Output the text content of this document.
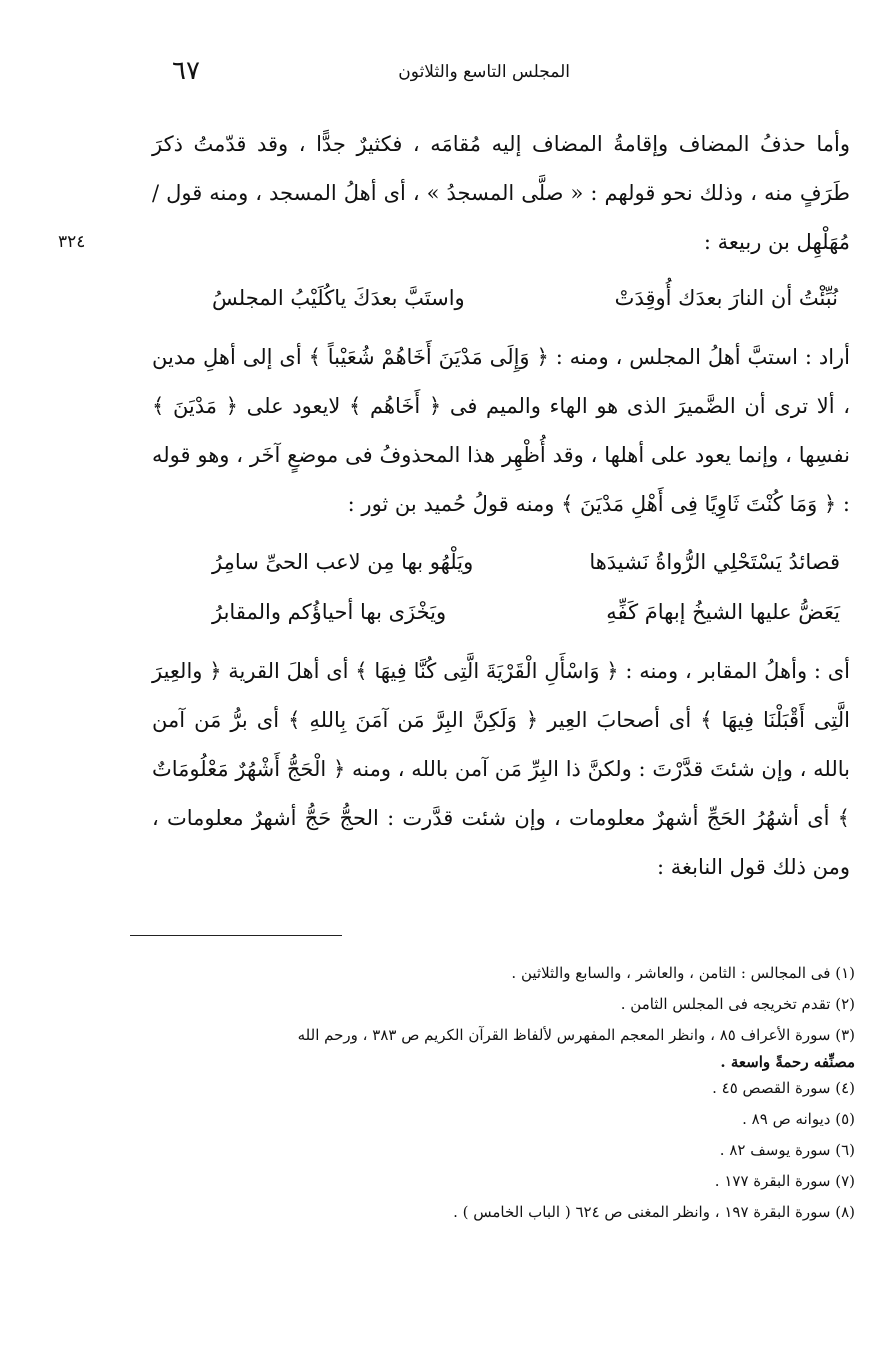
المجلس التاسع والثلاثون
٦٧
٣٢٤

وأما حذفُ المضاف وإقامةُ المضاف إليه مُقامَه ، فكثيرٌ جدًّا ، وقد قدّمتُ ذكرَ طَرَفٍ منه ، وذلك نحو قولهم : « صلَّى المسجدُ » ، أى أهلُ المسجد ، ومنه قول / مُهَلْهِل بن ربيعة :

نُبِّئْتُ أن النارَ بعدَك أُوقِدَتْ
واستَبَّ بعدَكَ ياكُلَيْبُ المجلسُ

أراد : استبَّ أهلُ المجلس ، ومنه : ﴿ وَإِلَى مَدْيَنَ أَخَاهُمْ شُعَيْباً ﴾ أى إلى أهلِ مدين ، ألا ترى أن الضَّميرَ الذى هو الهاء والميم فى ﴿ أَخَاهُم ﴾ لايعود على ﴿ مَدْيَنَ ﴾ نفسِها ، وإنما يعود على أهلها ، وقد أُظْهِر هذا المحذوفُ فى موضعٍ آخَر ، وهو قوله : ﴿ وَمَا كُنْتَ ثَاوِيًا فِى أَهْلِ مَدْيَنَ ﴾ ومنه قولُ حُميد بن ثور :

قصائدُ يَسْتَحْلِي الرُّواةُ نَشيدَها
ويَلْهُو بها مِن لاعب الحىِّ سامِرُ
يَعَضُّ عليها الشيخُ إبهامَ كَفِّهِ
ويَخْزَى بها أحياؤُكم والمقابرُ

أى : وأهلُ المقابر ، ومنه : ﴿ وَاسْأَلِ الْقَرْيَةَ الَّتِى كُنَّا فِيهَا ﴾ أى أهلَ القرية ﴿ والعِيرَ الَّتِى أَقْبَلْنَا فِيهَا ﴾ أى أصحابَ العِير ﴿ وَلَكِنَّ البِرَّ مَن آمَنَ بِاللهِ ﴾ أى برُّ مَن آمن بالله ، وإن شئتَ قدَّرْتَ : ولكنَّ ذا البِرِّ مَن آمن بالله ، ومنه ﴿ الْحَجُّ أَشْهُرٌ مَعْلُومَاتٌ ﴾ أى أشهُرُ الحَجِّ أشهرٌ معلومات ، وإن شئت قدَّرت : الحجُّ حَجُّ أشهرٌ معلومات ، ومن ذلك قول النابغة :

(١) فى المجالس : الثامن ، والعاشر ، والسابع والثلاثين .

(٢) تقدم تخريجه فى المجلس الثامن .

(٣) سورة الأعراف ٨٥ ، وانظر المعجم المفهرس لألفاظ القرآن الكريم ص ٣٨٣ ، ورحم الله

مصنِّفه رحمةً واسعة .

(٤) سورة القصص ٤٥ .

(٥) ديوانه ص ٨٩ .

(٦) سورة يوسف ٨٢ .

(٧) سورة البقرة ١٧٧ .

(٨) سورة البقرة ١٩٧ ، وانظر المغنى ص ٦٢٤ ( الباب الخامس ) .
